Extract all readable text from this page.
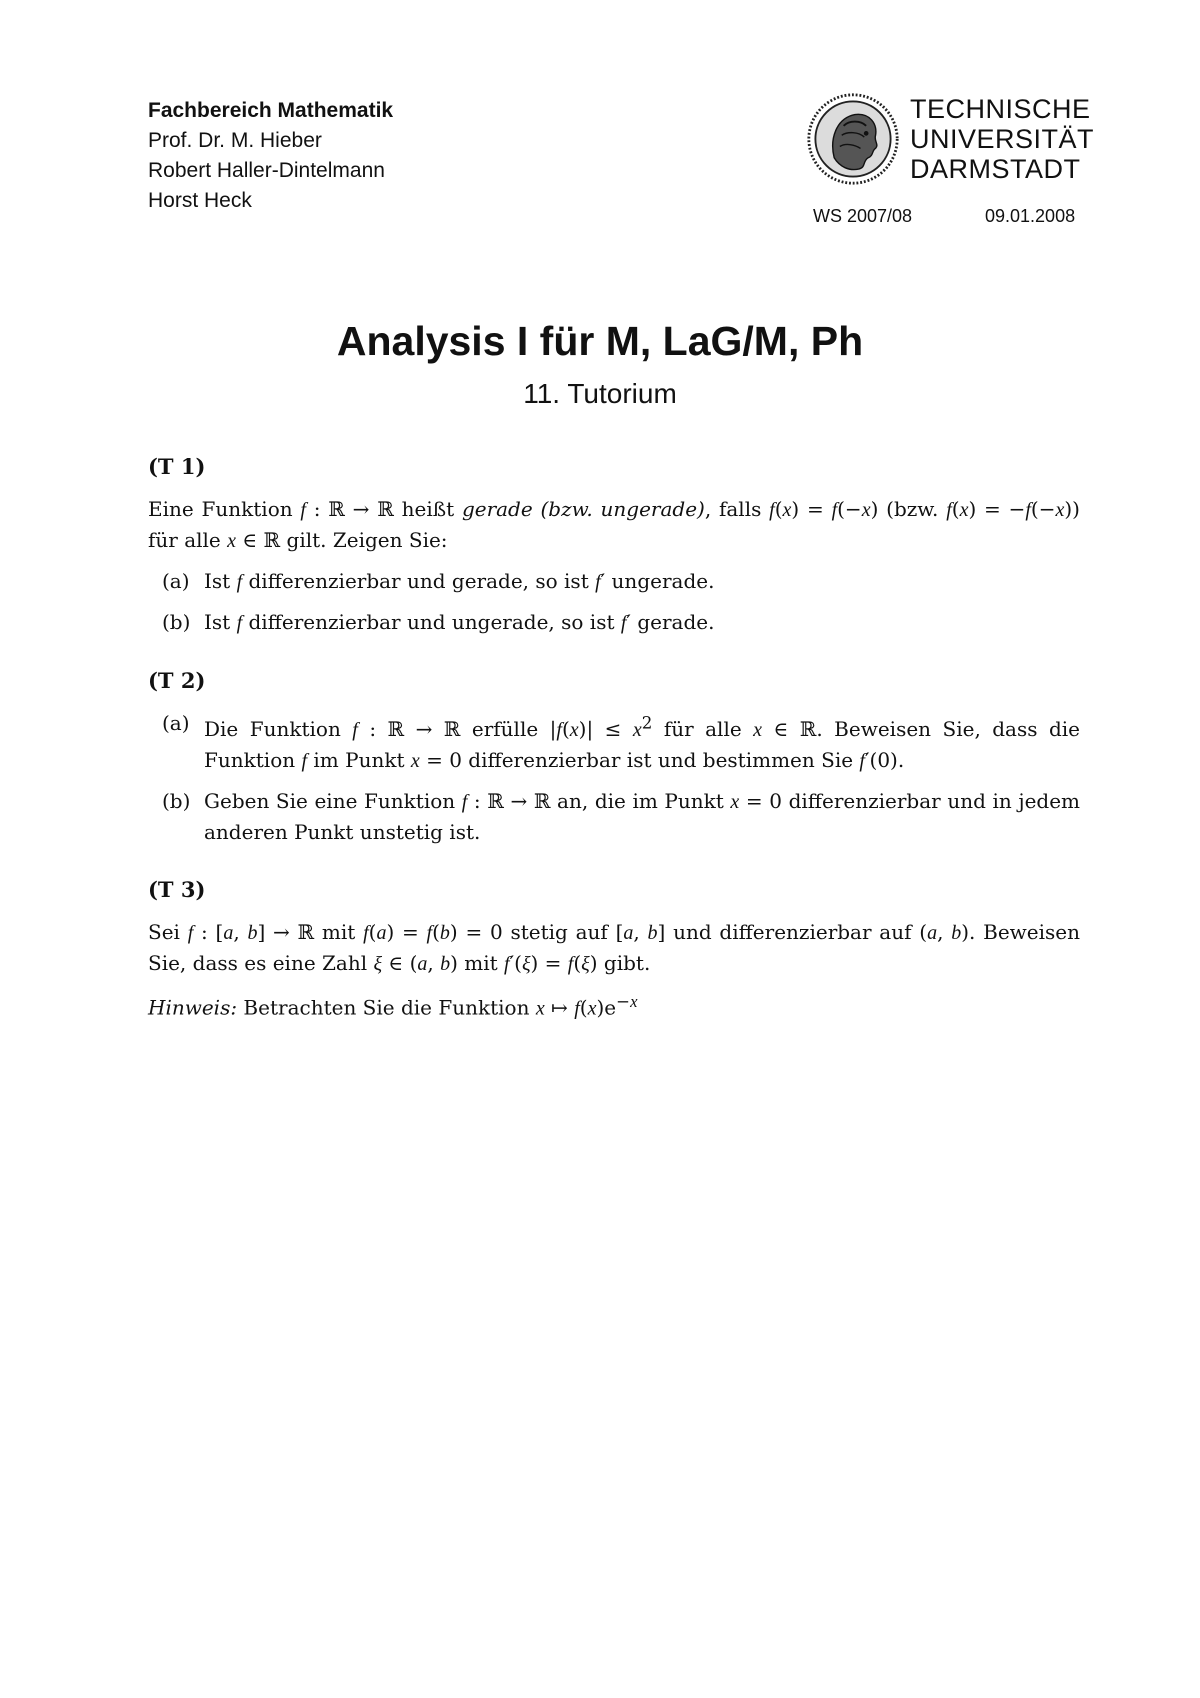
Fachbereich Mathematik
Prof. Dr. M. Hieber
Robert Haller-Dintelmann
Horst Heck
TECHNISCHE
UNIVERSITÄT
DARMSTADT
WS 2007/08	09.01.2008
Analysis I für M, LaG/M, Ph
11. Tutorium
(T 1)

Eine Funktion f : ℝ → ℝ heißt gerade (bzw. ungerade), falls f(x) = f(−x) (bzw. f(x) = −f(−x)) für alle x ∈ ℝ gilt. Zeigen Sie:

(a) Ist f differenzierbar und gerade, so ist f′ ungerade.
(b) Ist f differenzierbar und ungerade, so ist f′ gerade.
(T 2)
(a) Die Funktion f : ℝ → ℝ erfülle $|f(x)| \le x^2$ für alle x ∈ ℝ. Beweisen Sie, dass die Funktion f im Punkt x = 0 differenzierbar ist und bestimmen Sie f′(0).
(b) Geben Sie eine Funktion f : ℝ → ℝ an, die im Punkt x = 0 differenzierbar und in jedem anderen Punkt unstetig ist.
(T 3)

Sei f : [a, b] → ℝ mit f(a) = f(b) = 0 stetig auf [a, b] und differenzierbar auf (a, b). Beweisen Sie, dass es eine Zahl ξ ∈ (a, b) mit f′(ξ) = f(ξ) gibt.

Hinweis: Betrachten Sie die Funktion x ↦ $f(x)e^{-x}$
